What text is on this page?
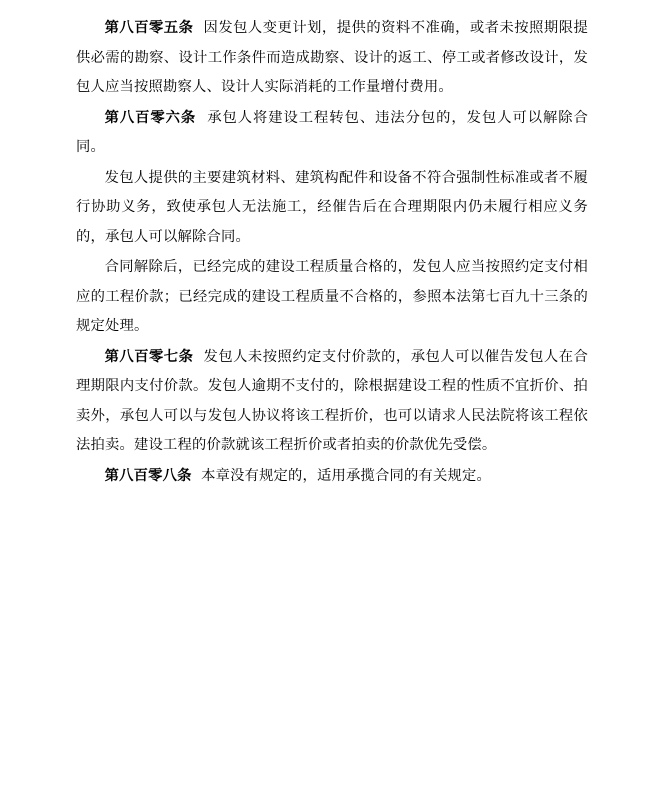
第八百零五条 因发包人变更计划，提供的资料不准确，或者未按照期限提供必需的勘察、设计工作条件而造成勘察、设计的返工、停工或者修改设计，发包人应当按照勘察人、设计人实际消耗的工作量增付费用。

第八百零六条 承包人将建设工程转包、违法分包的，发包人可以解除合同。

发包人提供的主要建筑材料、建筑构配件和设备不符合强制性标准或者不履行协助义务，致使承包人无法施工，经催告后在合理期限内仍未履行相应义务的，承包人可以解除合同。

合同解除后，已经完成的建设工程质量合格的，发包人应当按照约定支付相应的工程价款；已经完成的建设工程质量不合格的，参照本法第七百九十三条的规定处理。

第八百零七条 发包人未按照约定支付价款的，承包人可以催告发包人在合理期限内支付价款。发包人逾期不支付的，除根据建设工程的性质不宜折价、拍卖外，承包人可以与发包人协议将该工程折价，也可以请求人民法院将该工程依法拍卖。建设工程的价款就该工程折价或者拍卖的价款优先受偿。

第八百零八条 本章没有规定的，适用承揽合同的有关规定。
